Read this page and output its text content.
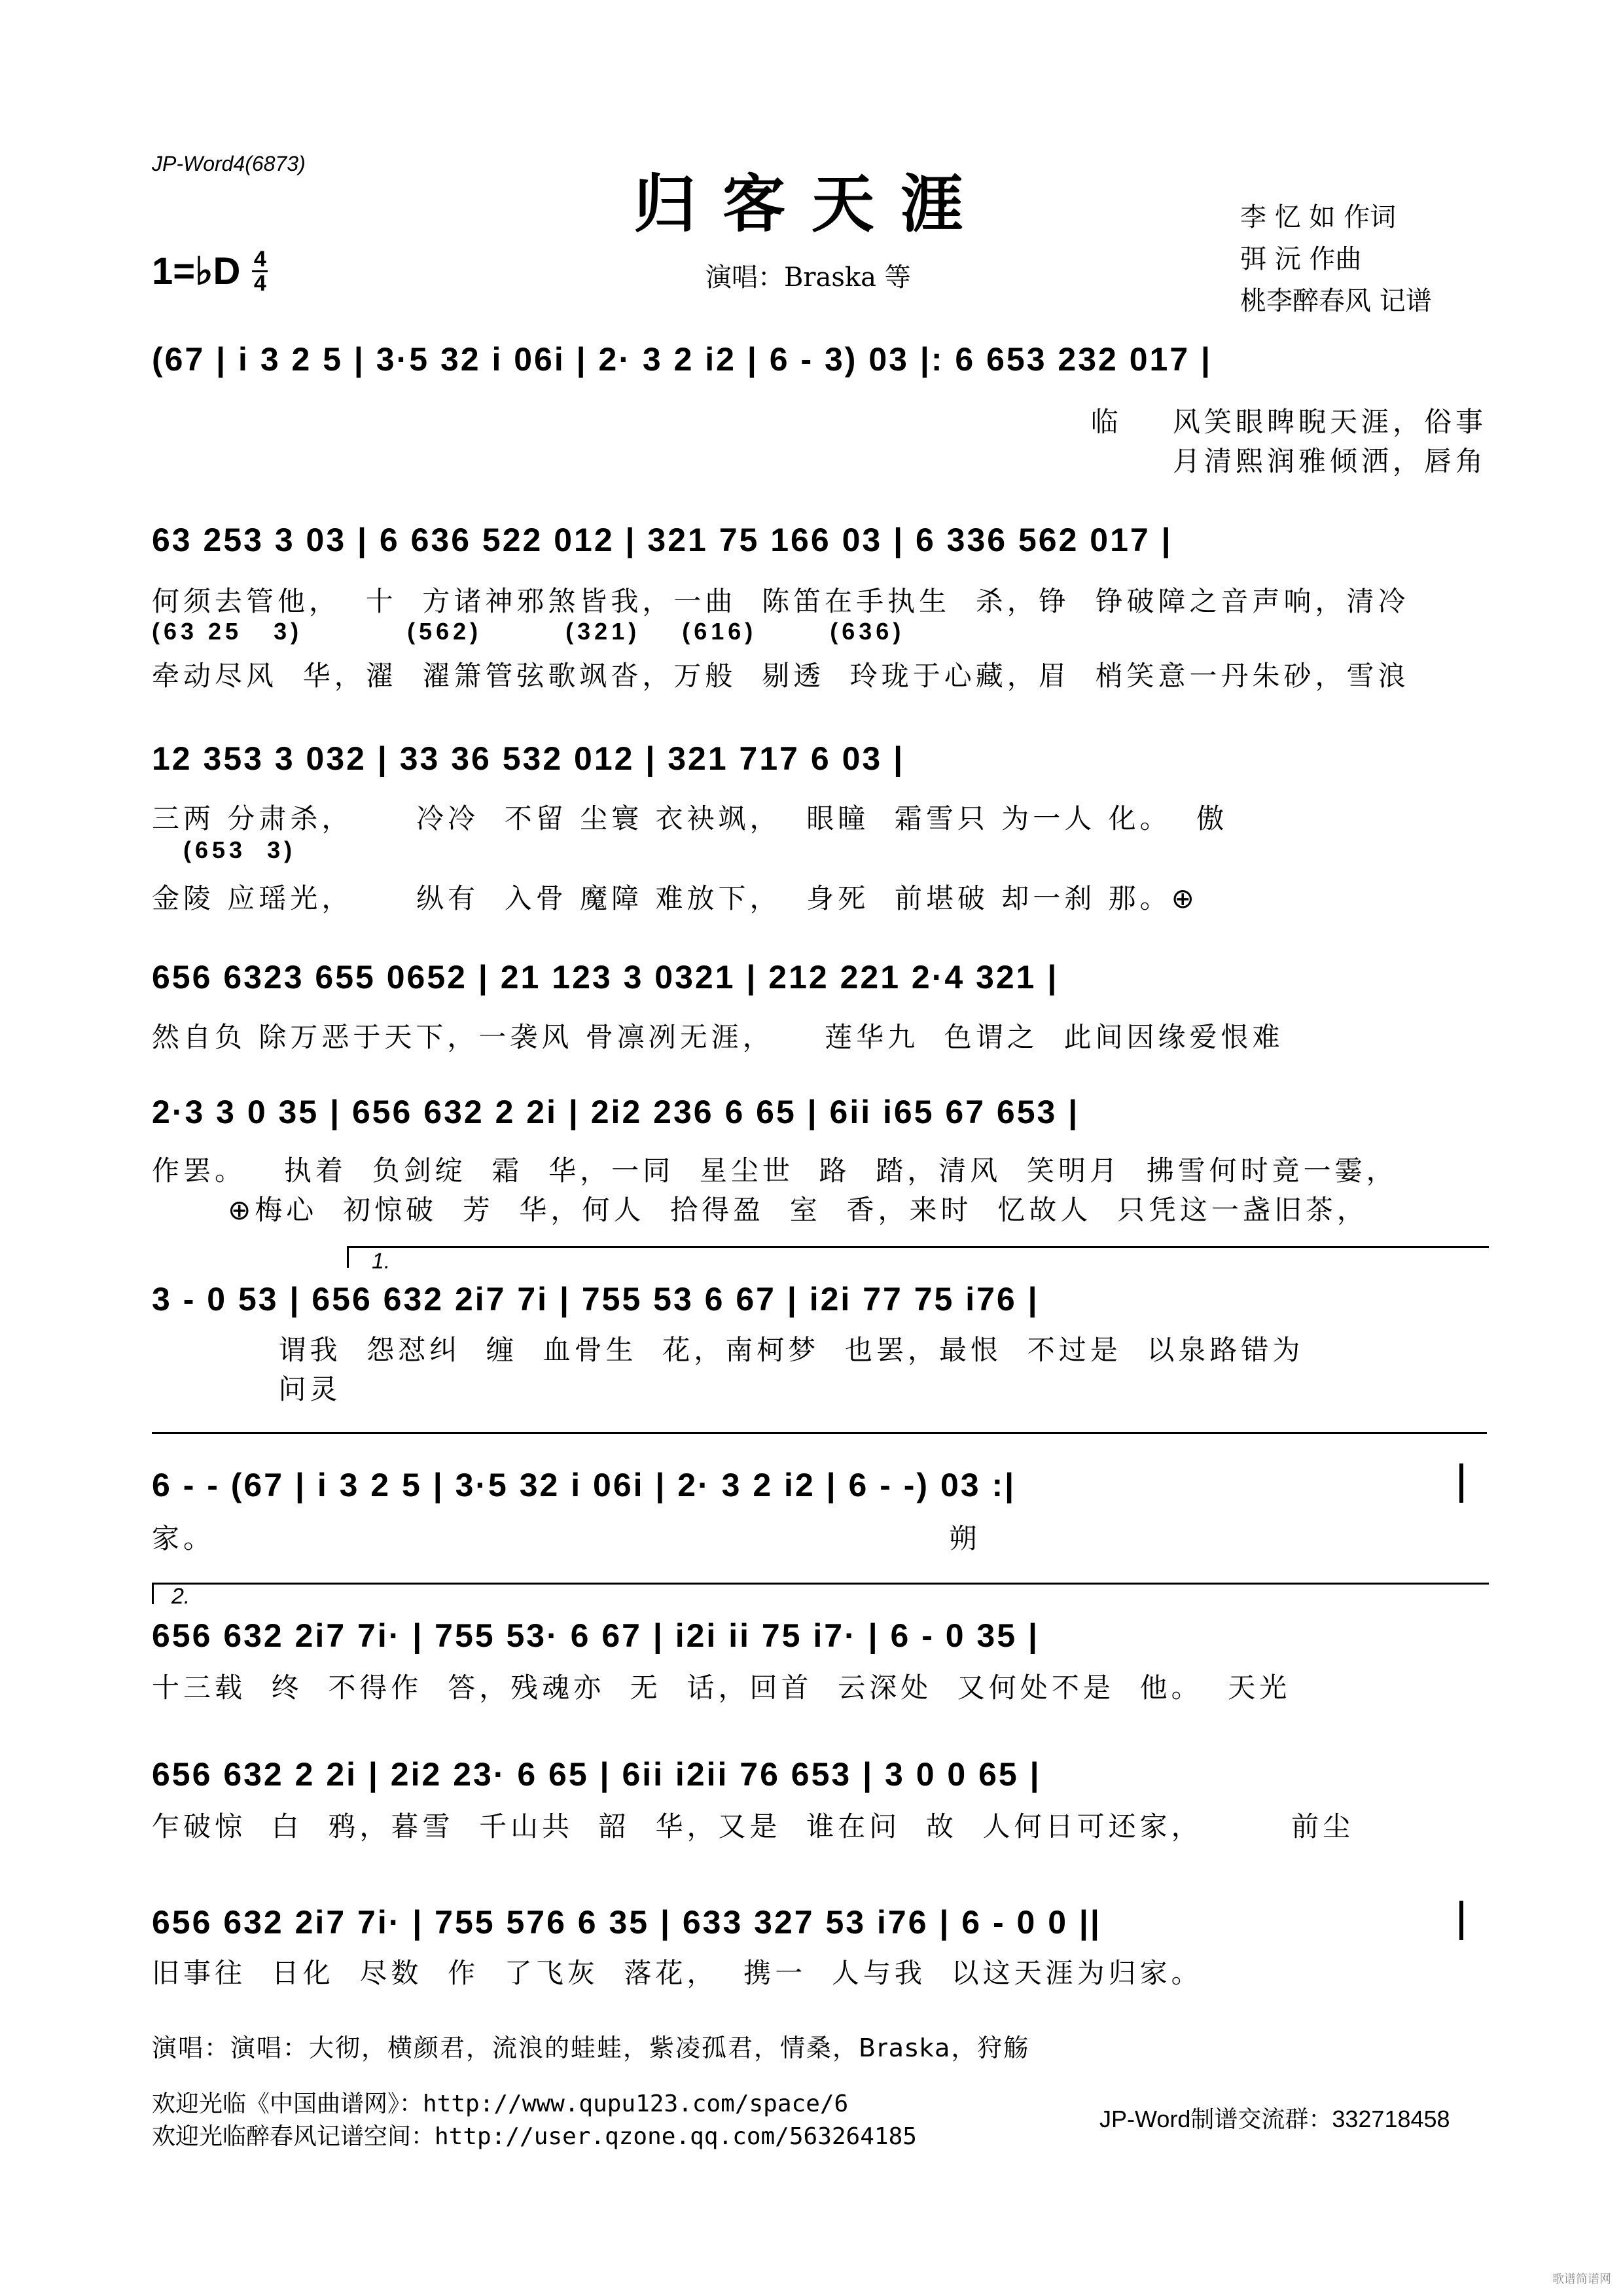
JP-Word4(6873)
归客天涯
1=♭D 4
4	演唱：Braska 等
李 忆 如 作词
弭 沅 作曲
桃李醉春风 记谱
(67 | i 3 2 5 | 3·5 32 i 06i | 2· 3 2 i2 | 6 - 3) 03 |: 6 653 232 017 |
临    风笑眼睥睨天涯，俗事
月清熙润雅倾洒，唇角
63 253 3 03 | 6 636 522 012 | 321 75 166 03 | 6 336 562 017 |
何须去管他，  十  方诸神邪煞皆我，一曲  陈笛在手执生  杀，铮  铮破障之音声响，清冷
(63 25   3)          (562)        (321)    (616)       (636)
牵动尽风  华，濯  濯箫管弦歌飒沓，万般  剔透  玲珑于心藏，眉  梢笑意一丹朱砂，雪浪
12 353 3 032 | 33 36 532 012 | 321 717 6 03 |
三两 分肃杀，     冷冷  不留 尘寰 衣袂飒，  眼瞳  霜雪只 为一人 化。  傲
(653  3)
金陵 应瑶光，     纵有  入骨 魔障 难放下，  身死  前堪破 却一刹 那。⊕
656 6323 655 0652 | 21 123 3 0321 | 212 221 2·4 321 |
然自负 除万恶于天下，一袭风 骨凛冽无涯，    莲华九  色谓之  此间因缘爱恨难
2·3 3 0 35 | 656 632 2 2i | 2i2 236 6 65 | 6ii i65 67 653 |
作罢。   执着  负剑绽  霜  华，一同  星尘世  路  踏，清风  笑明月  拂雪何时竟一霎，
⊕梅心  初惊破  芳  华，何人  拾得盈  室  香，来时  忆故人  只凭这一盏旧茶，
1.
3 - 0 53 | 656 632 2i7 7i | 755 53 6 67 | i2i 77 75 i76 |
谓我  怨怼纠  缠  血骨生  花，南柯梦  也罢，最恨  不过是  以泉路错为
问灵
6 - - (67 | i 3 2 5 | 3·5 32 i 06i | 2· 3 2 i2 | 6 - -) 03 :|
家。                                                          朔
2.
656 632 2i7 7i· | 755 53· 6 67 | i2i ii 75 i7· | 6 - 0 35 |
十三载  终  不得作  答，残魂亦  无  话，回首  云深处  又何处不是  他。  天光
656 632 2 2i | 2i2 23· 6 65 | 6ii i2ii 76 653 | 3 0 0 65 |
乍破惊  白  鸦，暮雪  千山共  韶  华，又是  谁在问  故  人何日可还家，       前尘
656 632 2i7 7i· | 755 576 6 35 | 633 327 53 i76 | 6 - 0 0 ||
旧事往  日化  尽数  作  了飞灰  落花，  携一  人与我  以这天涯为归家。
演唱：演唱：大彻，横颜君，流浪的蛙蛙，紫凌孤君，情桑，Braska，狩觞
欢迎光临《中国曲谱网》：http://www.qupu123.com/space/6
欢迎光临醉春风记谱空间：http://user.qzone.qq.com/563264185
JP-Word制谱交流群：332718458
歌谱简谱网
